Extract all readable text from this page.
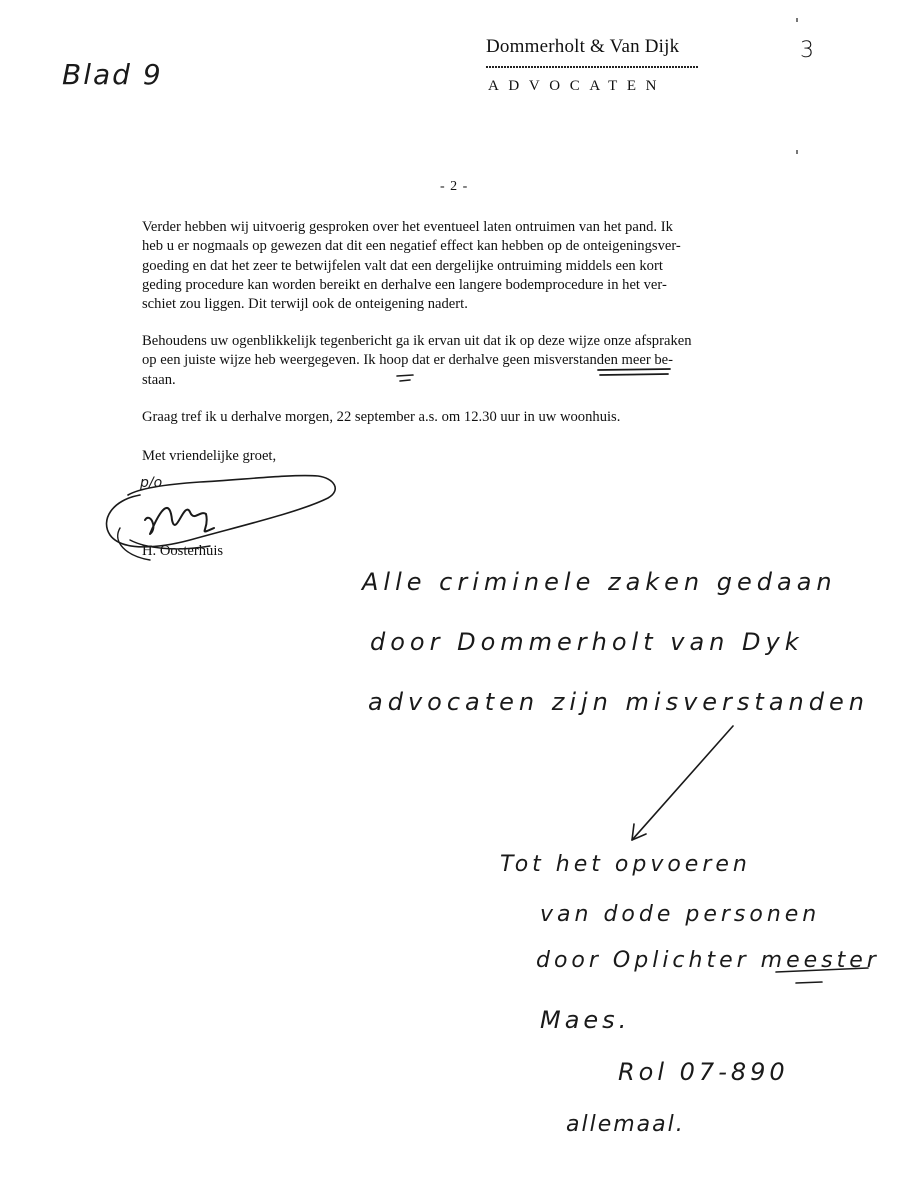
Dommerholt & Van Dijk
ADVOCATEN
3
Blad 9
- 2 -
Verder hebben wij uitvoerig gesproken over het eventueel laten ontruimen van het pand. Ik
heb u er nogmaals op gewezen dat dit een negatief effect kan hebben op de onteigeningsver-
goeding en dat het zeer te betwijfelen valt dat een dergelijke ontruiming middels een kort
geding procedure kan worden bereikt en derhalve een langere bodemprocedure in het ver-
schiet zou liggen. Dit terwijl ook de onteigening nadert.
Behoudens uw ogenblikkelijk tegenbericht ga ik ervan uit dat ik op deze wijze onze afspraken
op een juiste wijze heb weergegeven. Ik hoop dat er derhalve geen misverstanden meer be-
staan.
Graag tref ik u derhalve morgen, 22 september a.s. om 12.30 uur in uw woonhuis.
Met vriendelijke groet,
H. Oosterhuis
Alle criminele zaken gedaan
door Dommerholt van Dyk
advocaten zijn misverstanden
Tot het opvoeren
van dode personen
door Oplichter meester
Maes.
Rol 07-890
allemaal.
p/o
